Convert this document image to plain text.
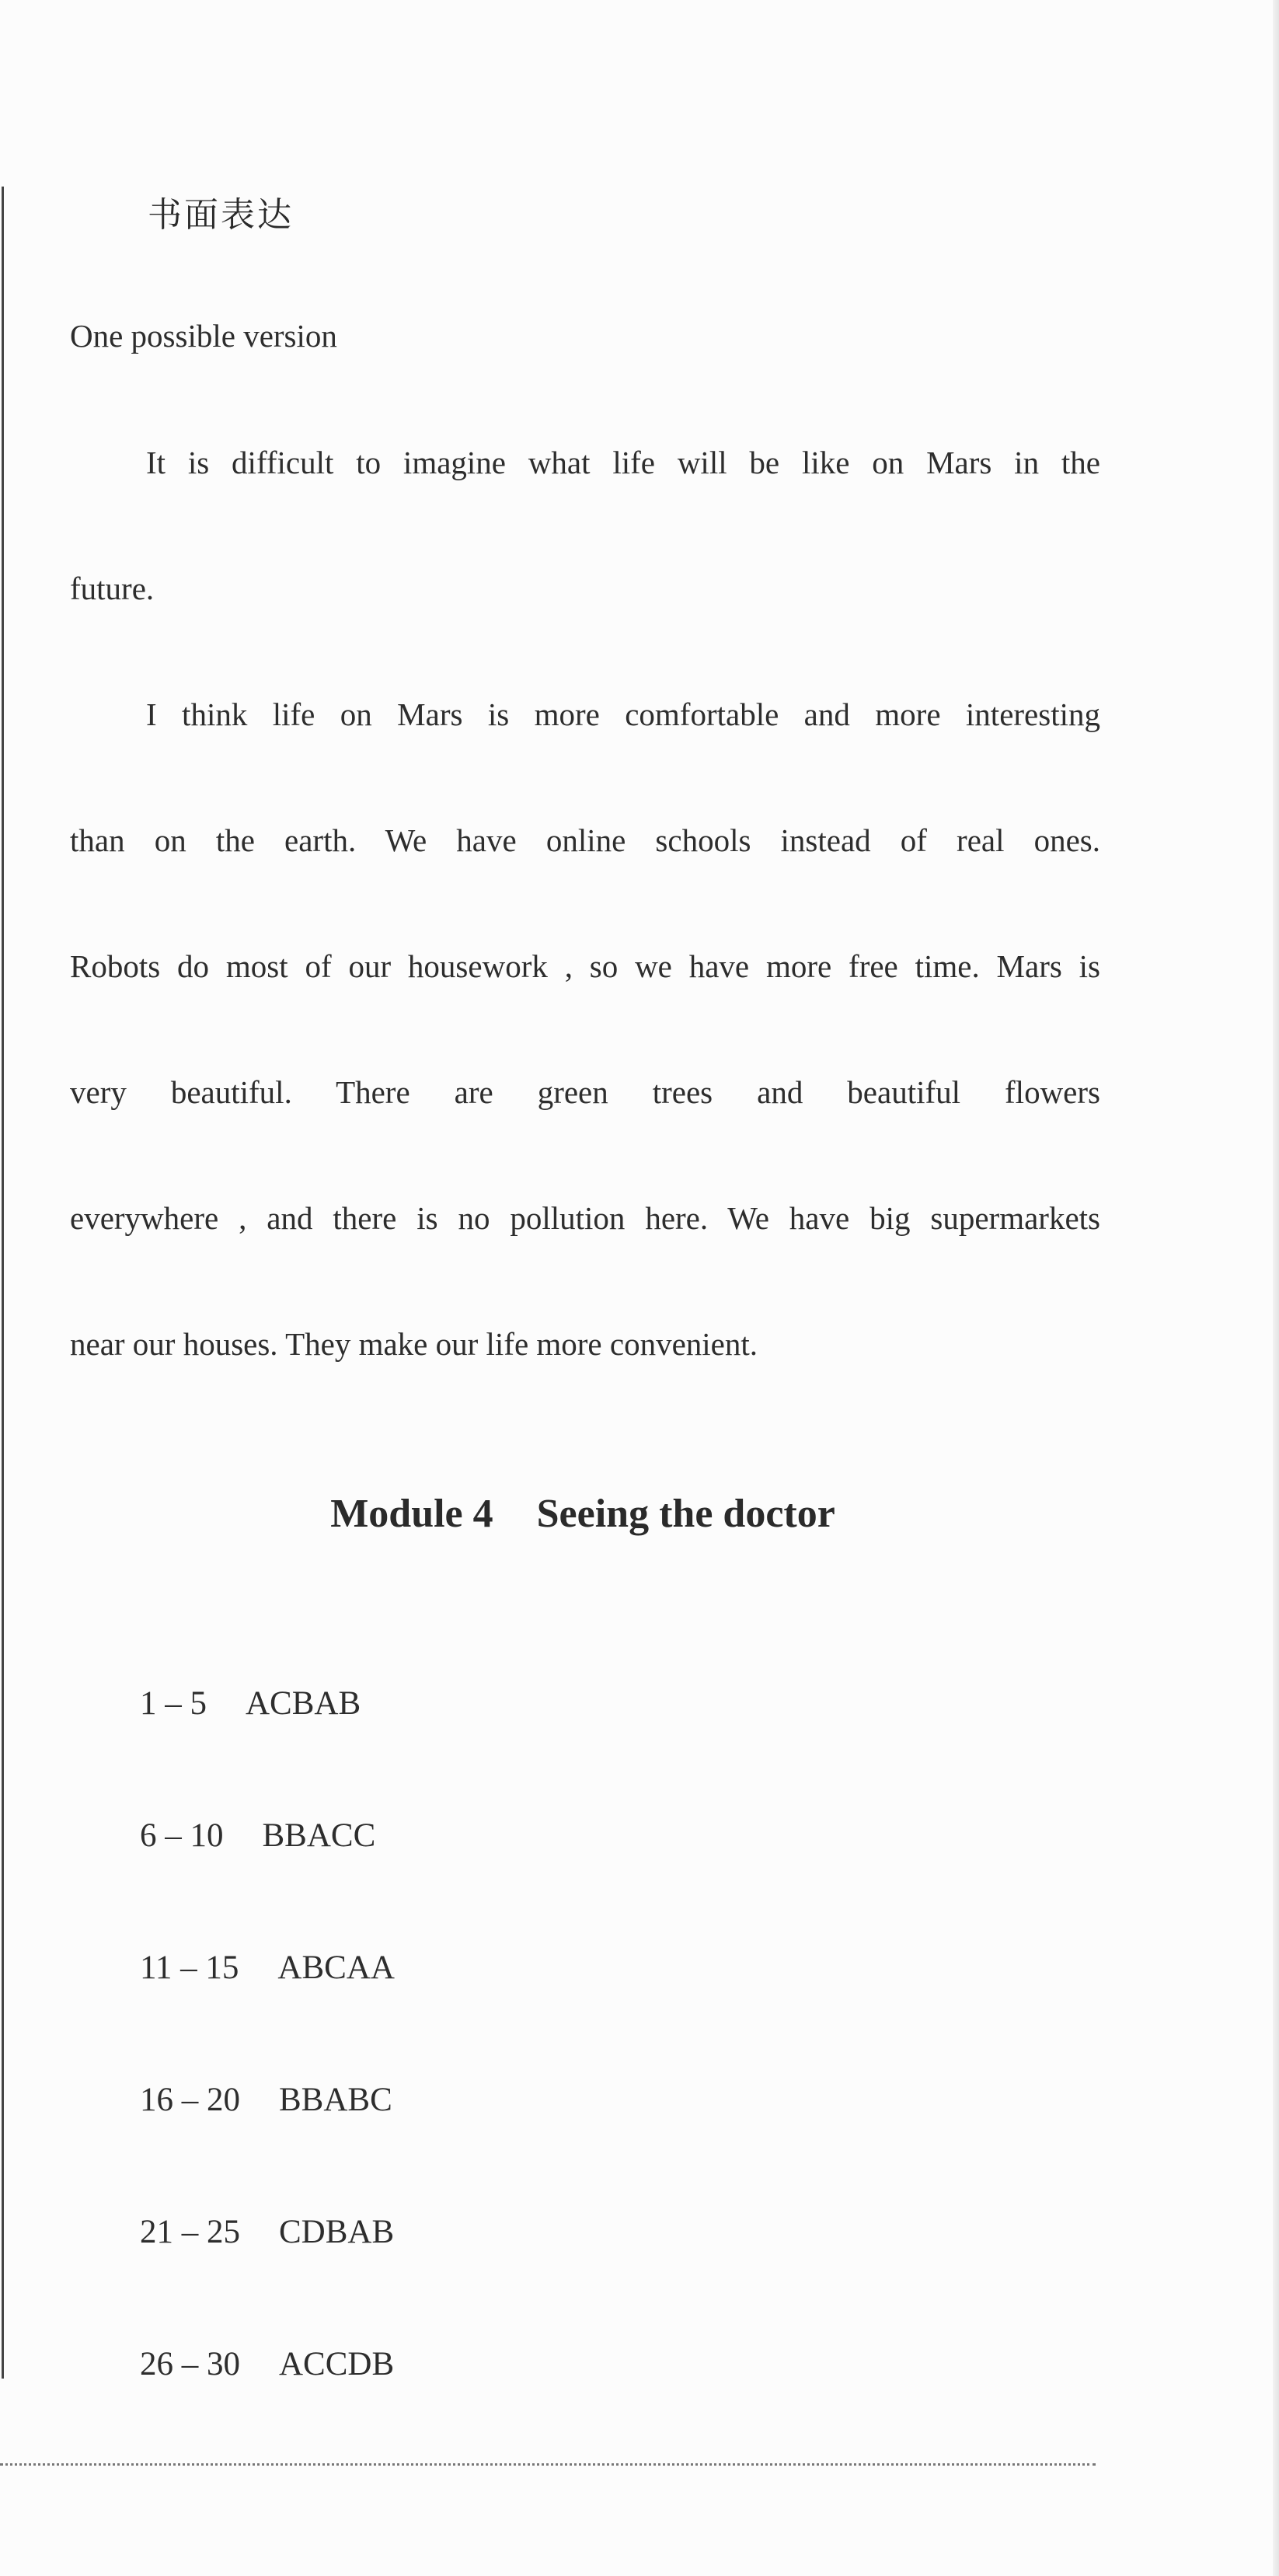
书面表达
One possible version
It is difficult to imagine what life will be like on Mars in the
future.
I think life on Mars is more comfortable and more interesting
than on the earth. We have online schools instead of real ones.
Robots do most of our housework , so we have more free time. Mars is
very beautiful. There are green trees and beautiful flowers
everywhere , and there is no pollution here. We have big supermarkets
near our houses. They make our life more convenient.
Module 4 Seeing the doctor
1 – 5 ACBAB
6 – 10 BBACC
11 – 15 ABCAA
16 – 20 BBABC
21 – 25 CDBAB
26 – 30 ACCDB
